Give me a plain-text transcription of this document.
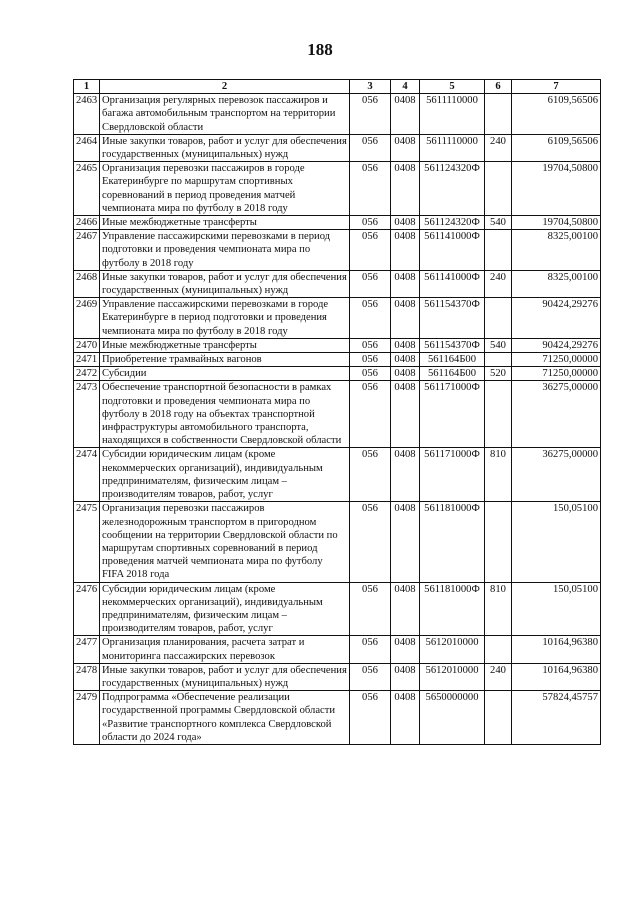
188
1	2	3	4	5	6	7
2463	Организация регулярных перевозок пассажиров и багажа автомобильным транспортом на территории Свердловской области	056	0408	5611110000		6109,56506
2464	Иные закупки товаров, работ и услуг для обеспечения государственных (муниципальных) нужд	056	0408	5611110000	240	6109,56506
2465	Организация перевозки пассажиров в городе Екатеринбурге по маршрутам спортивных соревнований в период проведения матчей чемпионата мира по футболу в 2018 году	056	0408	561124320Ф		19704,50800
2466	Иные межбюджетные трансферты	056	0408	561124320Ф	540	19704,50800
2467	Управление пассажирскими перевозками в период подготовки и проведения чемпионата мира по футболу в 2018 году	056	0408	561141000Ф		8325,00100
2468	Иные закупки товаров, работ и услуг для обеспечения государственных (муниципальных) нужд	056	0408	561141000Ф	240	8325,00100
2469	Управление пассажирскими перевозками в городе Екатеринбурге в период подготовки и проведения чемпионата мира по футболу в 2018 году	056	0408	561154370Ф		90424,29276
2470	Иные межбюджетные трансферты	056	0408	561154370Ф	540	90424,29276
2471	Приобретение трамвайных вагонов	056	0408	561164Б00		71250,00000
2472	Субсидии	056	0408	561164Б00	520	71250,00000
2473	Обеспечение транспортной безопасности в рамках подготовки и проведения чемпионата мира по футболу в 2018 году на объектах транспортной инфраструктуры автомобильного транспорта, находящихся в собственности Свердловской области	056	0408	561171000Ф		36275,00000
2474	Субсидии юридическим лицам (кроме некоммерческих организаций), индивидуальным предпринимателям, физическим лицам – производителям товаров, работ, услуг	056	0408	561171000Ф	810	36275,00000
2475	Организация перевозки пассажиров железнодорожным транспортом в пригородном сообщении на территории Свердловской области по маршрутам спортивных соревнований в период проведения матчей чемпионата мира по футболу FIFA 2018 года	056	0408	561181000Ф		150,05100
2476	Субсидии юридическим лицам (кроме некоммерческих организаций), индивидуальным предпринимателям, физическим лицам – производителям товаров, работ, услуг	056	0408	561181000Ф	810	150,05100
2477	Организация планирования, расчета затрат и мониторинга пассажирских перевозок	056	0408	5612010000		10164,96380
2478	Иные закупки товаров, работ и услуг для обеспечения государственных (муниципальных) нужд	056	0408	5612010000	240	10164,96380
2479	Подпрограмма «Обеспечение реализации государственной программы Свердловской области «Развитие транспортного комплекса Свердловской области до 2024 года»	056	0408	5650000000		57824,45757
